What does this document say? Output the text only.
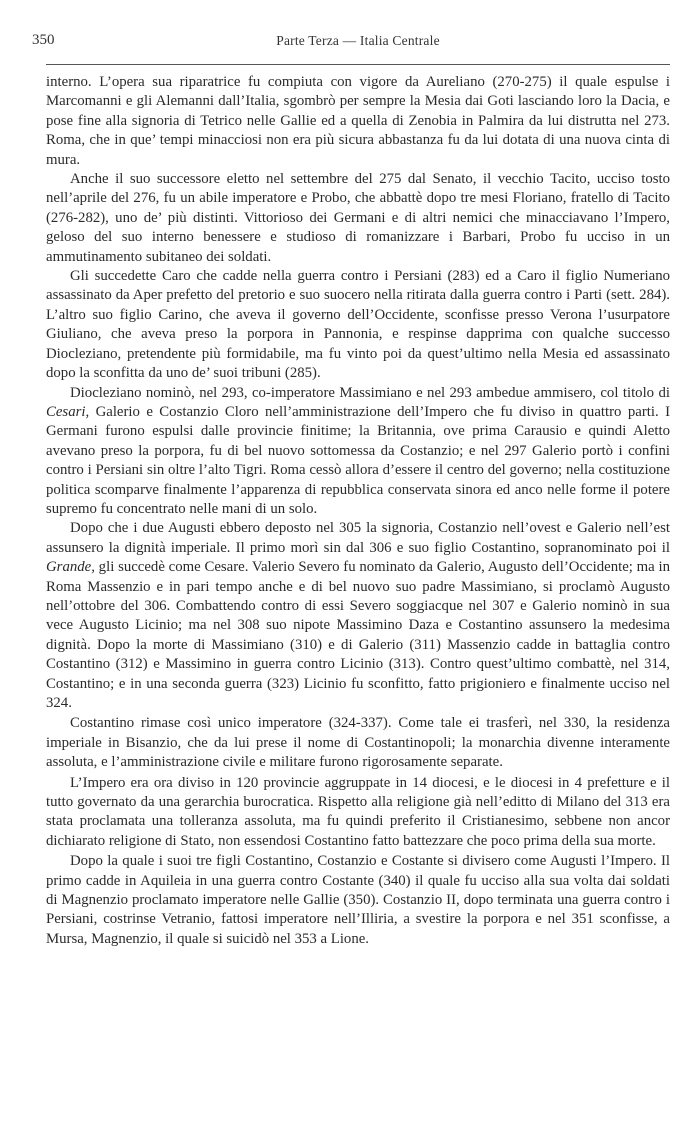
350	Parte Terza — Italia Centrale

interno. L’opera sua riparatrice fu compiuta con vigore da Aureliano (270-275) il quale espulse i Marcomanni e gli Alemanni dall’Italia, sgombrò per sempre la Mesia dai Goti lasciando loro la Dacia, e pose fine alla signoria di Tetrico nelle Gallie ed a quella di Zenobia in Palmira da lui distrutta nel 273. Roma, che in que’ tempi minacciosi non era più sicura abbastanza fu da lui dotata di una nuova cinta di mura.

Anche il suo successore eletto nel settembre del 275 dal Senato, il vecchio Tacito, ucciso tosto nell’aprile del 276, fu un abile imperatore e Probo, che abbattè dopo tre mesi Floriano, fratello di Tacito (276-282), uno de’ più distinti. Vittorioso dei Germani e di altri nemici che minacciavano l’Impero, geloso del suo interno benessere e studioso di romanizzare i Barbari, Probo fu ucciso in un ammutinamento subitaneo dei soldati.

Gli succedette Caro che cadde nella guerra contro i Persiani (283) ed a Caro il figlio Numeriano assassinato da Aper prefetto del pretorio e suo suocero nella ritirata dalla guerra contro i Parti (sett. 284). L’altro suo figlio Carino, che aveva il governo dell’Occidente, sconfisse presso Verona l’usurpatore Giuliano, che aveva preso la porpora in Pannonia, e respinse dapprima con qualche successo Diocleziano, pretendente più formidabile, ma fu vinto poi da quest’ultimo nella Mesia ed assassinato dopo la sconfitta da uno de’ suoi tribuni (285).

Diocleziano nominò, nel 293, co-imperatore Massimiano e nel 293 ambedue ammisero, col titolo di Cesari, Galerio e Costanzio Cloro nell’amministrazione dell’Impero che fu diviso in quattro parti. I Germani furono espulsi dalle provincie finitime; la Britannia, ove prima Carausio e quindi Aletto avevano preso la porpora, fu di bel nuovo sottomessa da Costanzio; e nel 297 Galerio portò i confini contro i Persiani sin oltre l’alto Tigri. Roma cessò allora d’essere il centro del governo; nella costituzione politica scomparve finalmente l’apparenza di repubblica conservata sinora ed anco nelle forme il potere supremo fu concentrato nelle mani di un solo.

Dopo che i due Augusti ebbero deposto nel 305 la signoria, Costanzio nell’ovest e Galerio nell’est assunsero la dignità imperiale. Il primo morì sin dal 306 e suo figlio Costantino, sopranominato poi il Grande, gli succedè come Cesare. Valerio Severo fu nominato da Galerio, Augusto dell’Occidente; ma in Roma Massenzio e in pari tempo anche e di bel nuovo suo padre Massimiano, si proclamò Augusto nell’ottobre del 306. Combattendo contro di essi Severo soggiacque nel 307 e Galerio nominò in sua vece Augusto Licinio; ma nel 308 suo nipote Massimino Daza e Costantino assunsero la medesima dignità. Dopo la morte di Massimiano (310) e di Galerio (311) Massenzio cadde in battaglia contro Costantino (312) e Massimino in guerra contro Licinio (313). Contro quest’ultimo combattè, nel 314, Costantino; e in una seconda guerra (323) Licinio fu sconfitto, fatto prigioniero e finalmente ucciso nel 324.

Costantino rimase così unico imperatore (324-337). Come tale ei trasferì, nel 330, la residenza imperiale in Bisanzio, che da lui prese il nome di Costantinopoli; la monarchia divenne interamente assoluta, e l’amministrazione civile e militare furono rigorosamente separate.

L’Impero era ora diviso in 120 provincie aggruppate in 14 diocesi, e le diocesi in 4 prefetture e il tutto governato da una gerarchia burocratica. Rispetto alla religione già nell’editto di Milano del 313 era stata proclamata una tolleranza assoluta, ma fu quindi preferito il Cristianesimo, sebbene non ancor dichiarato religione di Stato, non essendosi Costantino fatto battezzare che poco prima della sua morte.

Dopo la quale i suoi tre figli Costantino, Costanzio e Costante si divisero come Augusti l’Impero. Il primo cadde in Aquileia in una guerra contro Costante (340) il quale fu ucciso alla sua volta dai soldati di Magnenzio proclamato imperatore nelle Gallie (350). Costanzio II, dopo terminata una guerra contro i Persiani, costrinse Vetranio, fattosi imperatore nell’Illiria, a svestire la porpora e nel 351 sconfisse, a Mursa, Magnenzio, il quale si suicidò nel 353 a Lione.
